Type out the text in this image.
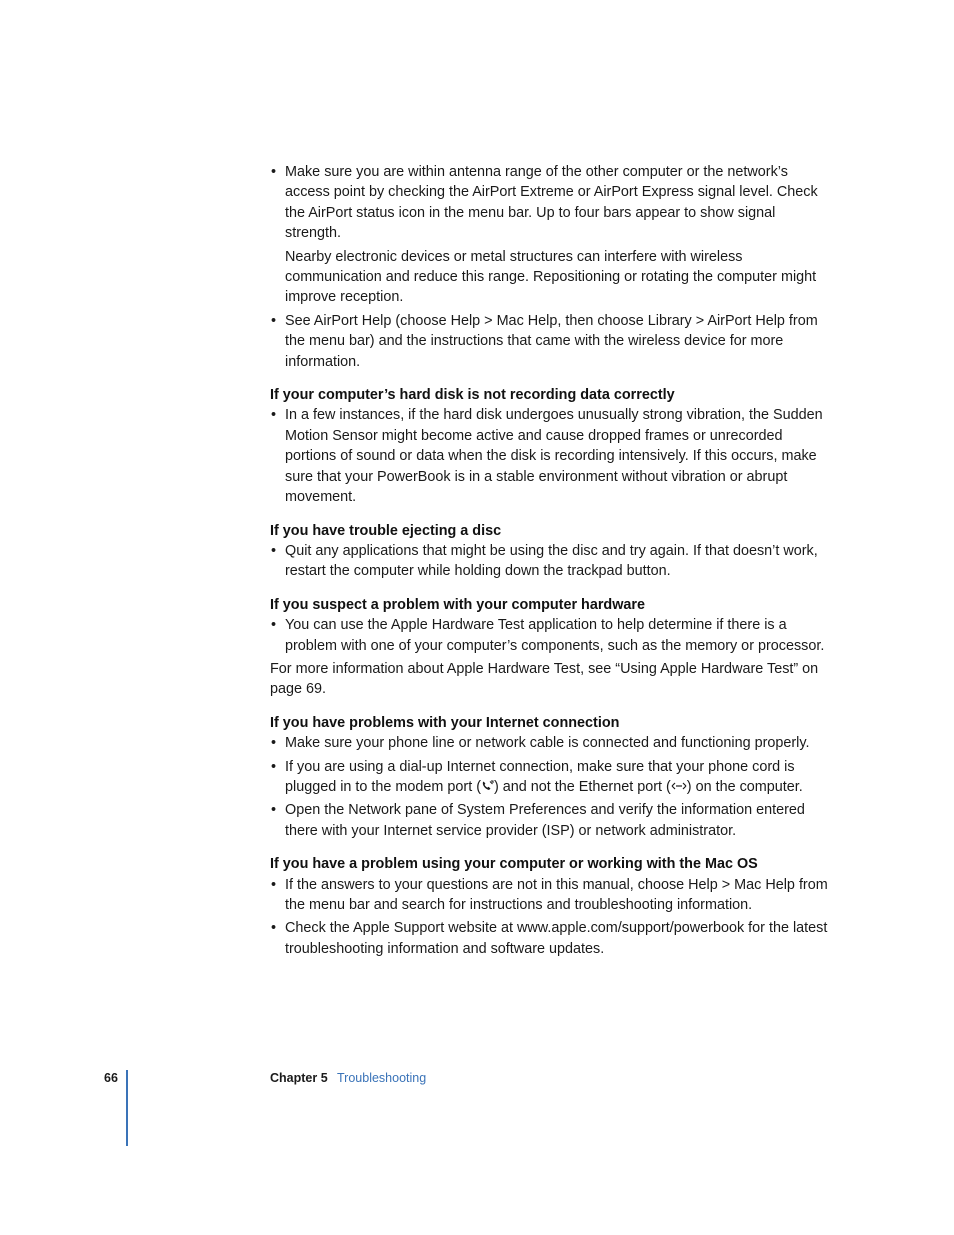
• Make sure you are within antenna range of the other computer or the network’s access point by checking the AirPort Extreme or AirPort Express signal level. Check the AirPort status icon in the menu bar. Up to four bars appear to show signal strength.
Nearby electronic devices or metal structures can interfere with wireless communication and reduce this range. Repositioning or rotating the computer might improve reception.
• See AirPort Help (choose Help > Mac Help, then choose Library > AirPort Help from the menu bar) and the instructions that came with the wireless device for more information.
If your computer’s hard disk is not recording data correctly
• In a few instances, if the hard disk undergoes unusually strong vibration, the Sudden Motion Sensor might become active and cause dropped frames or unrecorded portions of sound or data when the disk is recording intensively. If this occurs, make sure that your PowerBook is in a stable environment without vibration or abrupt movement.
If you have trouble ejecting a disc
• Quit any applications that might be using the disc and try again. If that doesn’t work, restart the computer while holding down the trackpad button.
If you suspect a problem with your computer hardware
• You can use the Apple Hardware Test application to help determine if there is a problem with one of your computer’s components, such as the memory or processor.

For more information about Apple Hardware Test, see “Using Apple Hardware Test” on page 69.

If you have problems with your Internet connection
• Make sure your phone line or network cable is connected and functioning properly.
• If you are using a dial-up Internet connection, make sure that your phone cord is plugged in to the modem port ( ) and not the Ethernet port ( ) on the computer.
• Open the Network pane of System Preferences and verify the information entered there with your Internet service provider (ISP) or network administrator.
If you have a problem using your computer or working with the Mac OS
• If the answers to your questions are not in this manual, choose Help > Mac Help from the menu bar and search for instructions and troubleshooting information.
• Check the Apple Support website at www.apple.com/support/powerbook for the latest troubleshooting information and software updates.
66	Chapter 5 Troubleshooting
